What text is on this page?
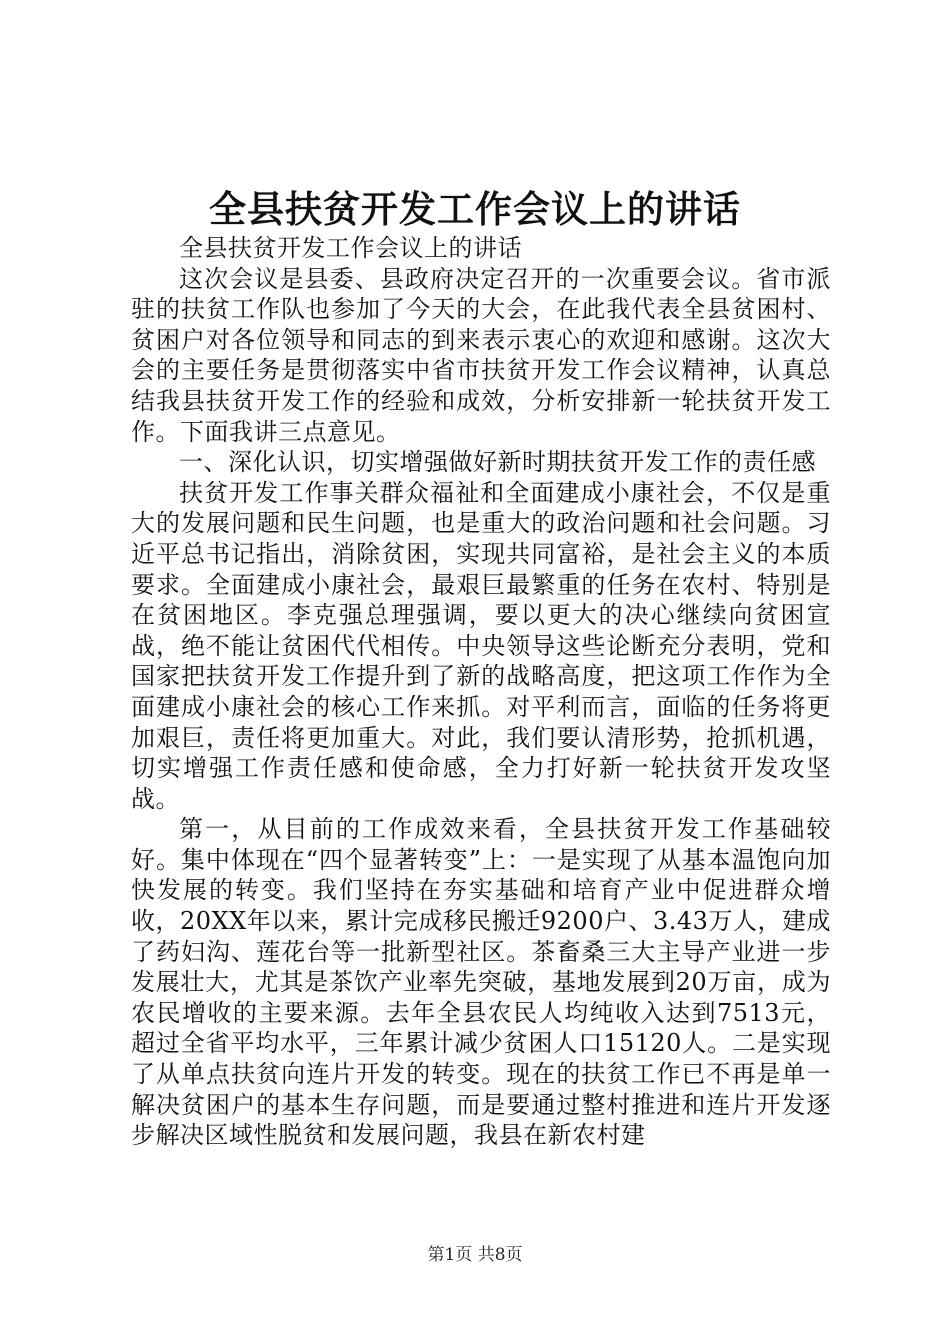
全县扶贫开发工作会议上的讲话

全县扶贫开发工作会议上的讲话

这次会议是县委、县政府决定召开的一次重要会议。省市派驻的扶贫工作队也参加了今天的大会，在此我代表全县贫困村、贫困户对各位领导和同志的到来表示衷心的欢迎和感谢。这次大会的主要任务是贯彻落实中省市扶贫开发工作会议精神，认真总结我县扶贫开发工作的经验和成效，分析安排新一轮扶贫开发工作。下面我讲三点意见。

一、深化认识，切实增强做好新时期扶贫开发工作的责任感

扶贫开发工作事关群众福祉和全面建成小康社会，不仅是重大的发展问题和民生问题，也是重大的政治问题和社会问题。习近平总书记指出，消除贫困，实现共同富裕，是社会主义的本质要求。全面建成小康社会，最艰巨最繁重的任务在农村、特别是在贫困地区。李克强总理强调，要以更大的决心继续向贫困宣战，绝不能让贫困代代相传。中央领导这些论断充分表明，党和国家把扶贫开发工作提升到了新的战略高度，把这项工作作为全面建成小康社会的核心工作来抓。对平利而言，面临的任务将更加艰巨，责任将更加重大。对此，我们要认清形势，抢抓机遇，切实增强工作责任感和使命感，全力打好新一轮扶贫开发攻坚战。

第一，从目前的工作成效来看，全县扶贫开发工作基础较好。集中体现在“四个显著转变”上：一是实现了从基本温饱向加快发展的转变。我们坚持在夯实基础和培育产业中促进群众增收，20XX年以来，累计完成移民搬迁9200户、3.43万人，建成了药妇沟、莲花台等一批新型社区。茶畜桑三大主导产业进一步发展壮大，尤其是茶饮产业率先突破，基地发展到20万亩，成为农民增收的主要来源。去年全县农民人均纯收入达到7513元，超过全省平均水平，三年累计减少贫困人口15120人。二是实现了从单点扶贫向连片开发的转变。现在的扶贫工作已不再是单一解决贫困户的基本生存问题，而是要通过整村推进和连片开发逐步解决区域性脱贫和发展问题，我县在新农村建

第1页 共8页
